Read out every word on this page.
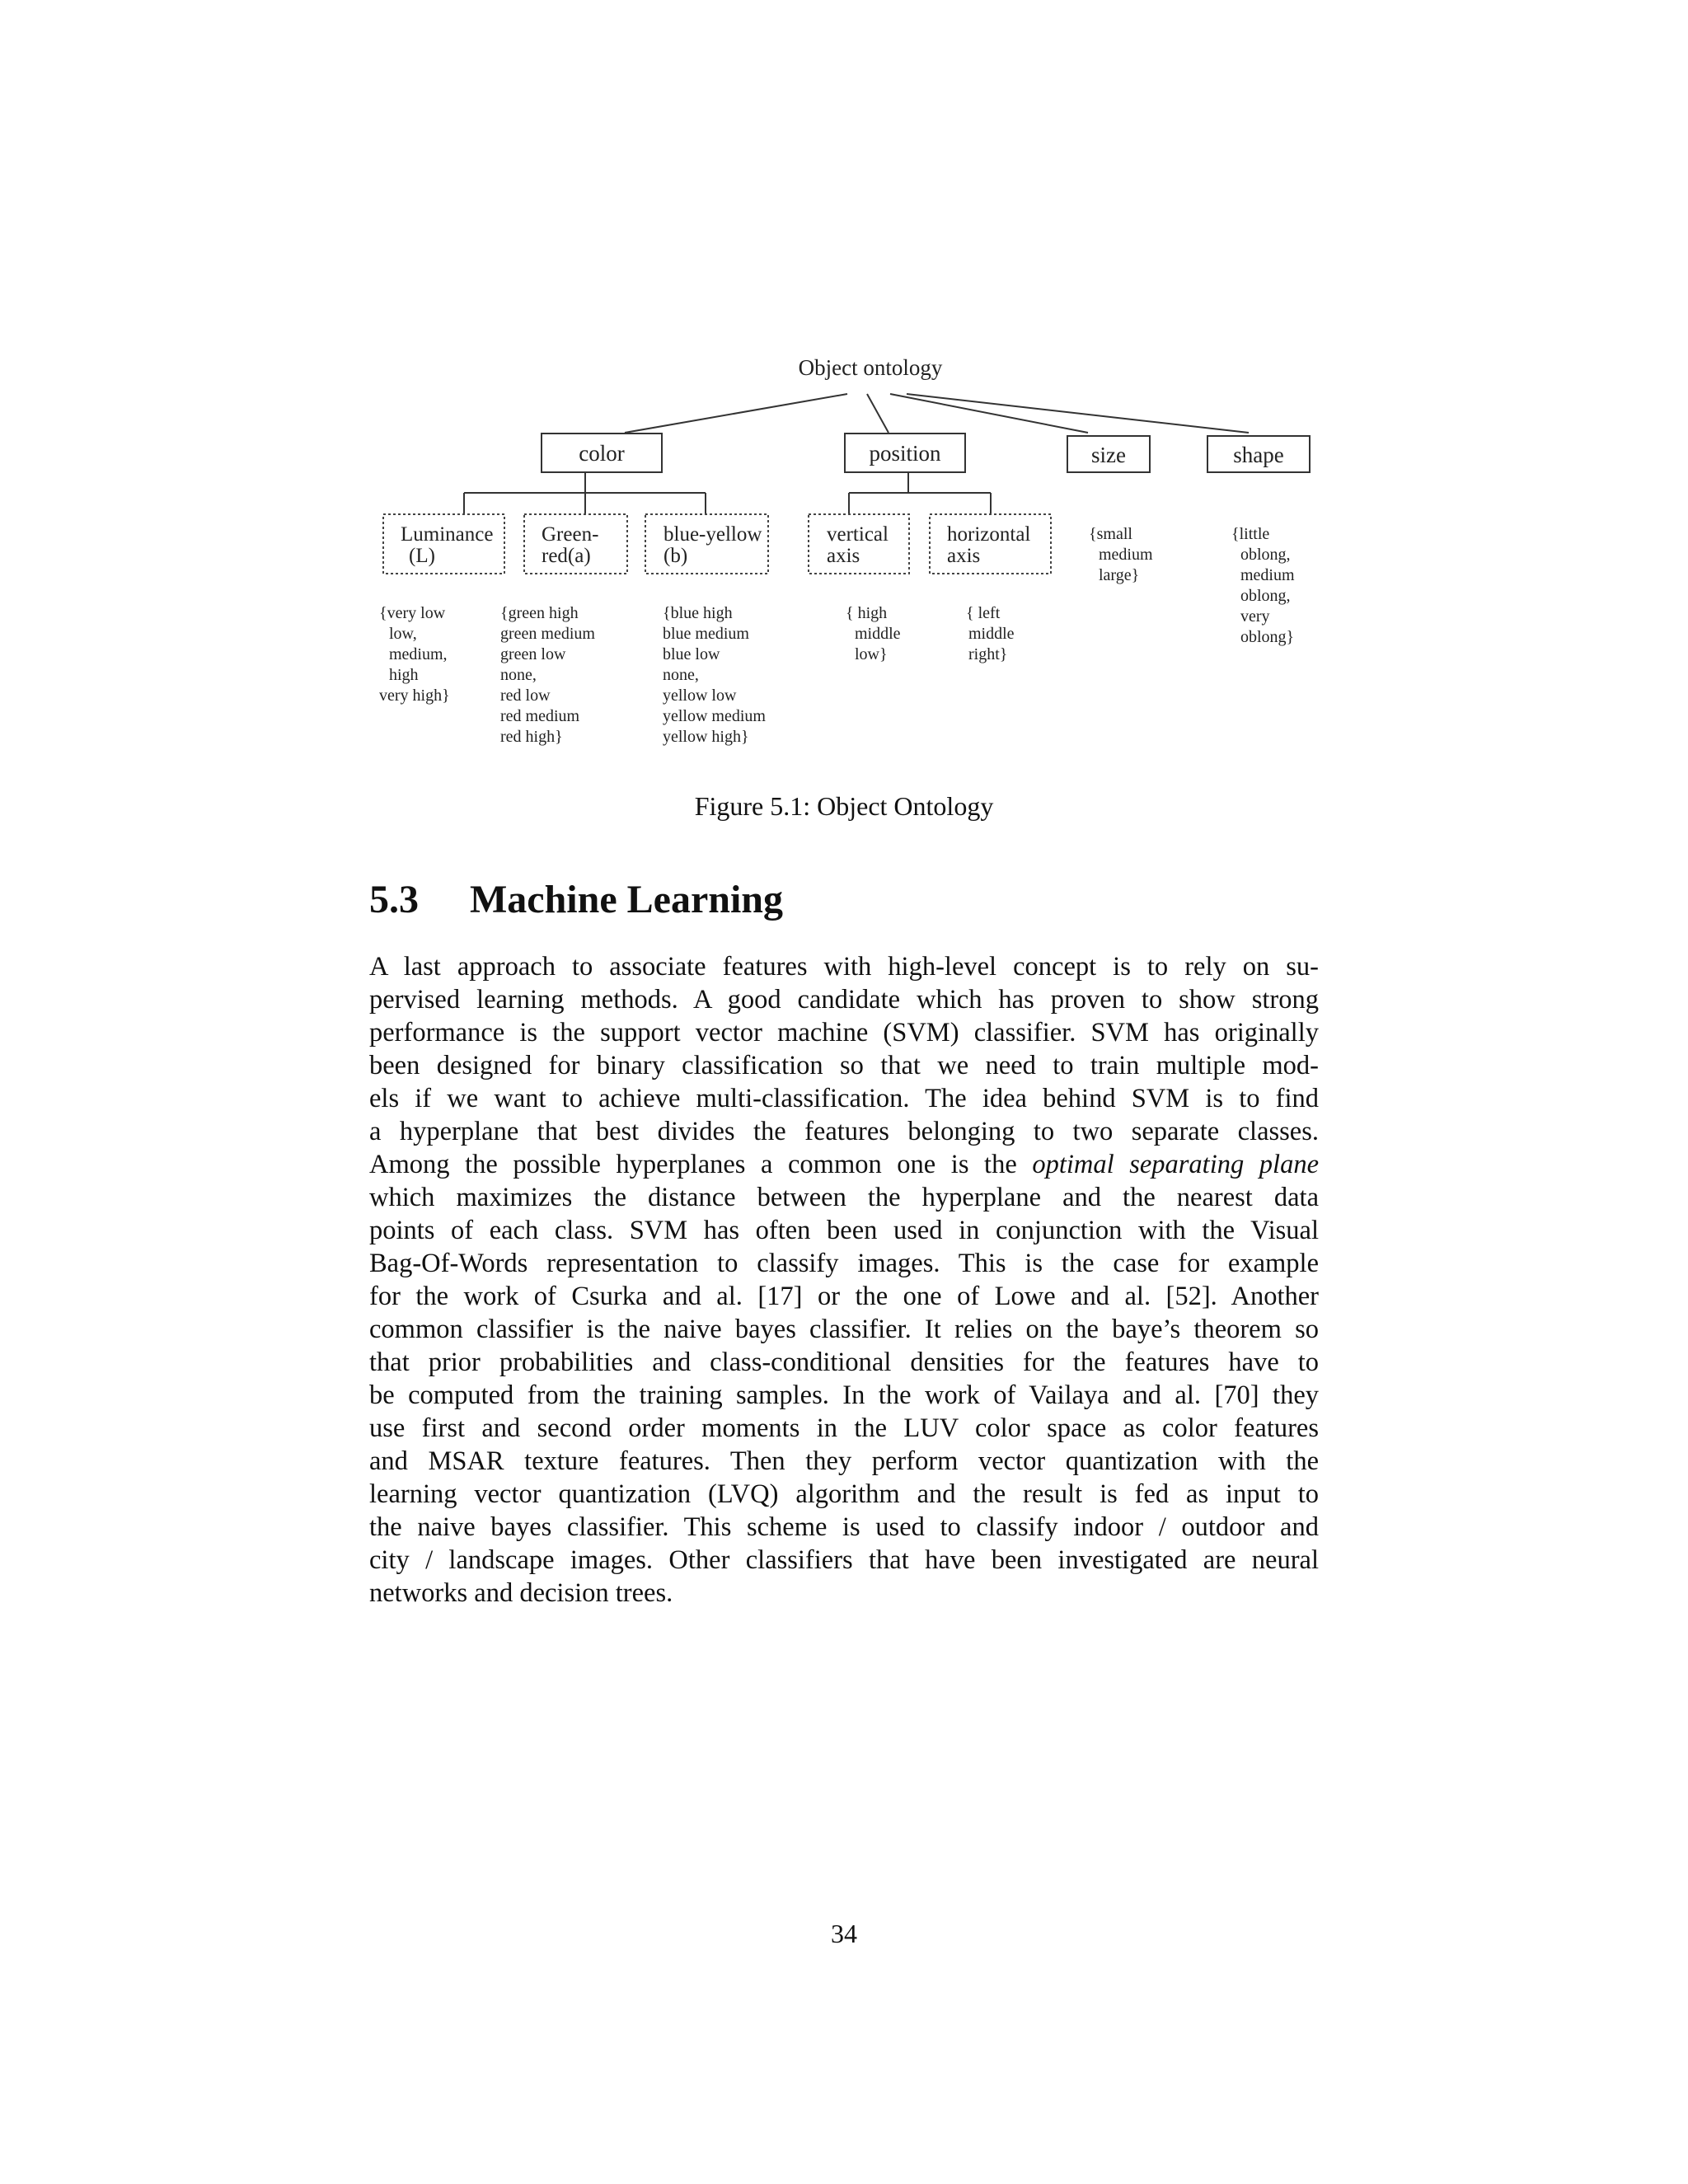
Object ontology
color	position	size	shape
Luminance (L)
Green- red(a)
blue-yellow (b)
vertical axis
horizontal axis
{very low low, medium, high very high}
{green high green medium green low none, red low red medium red high}
{blue high blue medium blue low none, yellow low yellow medium yellow high}
{ high middle low}
{ left middle right}
{small medium large}
{little oblong, medium oblong, very oblong}
Figure 5.1: Object Ontology
5.3 Machine Learning

A last approach to associate features with high-level concept is to rely on su-
pervised learning methods. A good candidate which has proven to show strong
performance is the support vector machine (SVM) classifier. SVM has originally
been designed for binary classification so that we need to train multiple mod-
els if we want to achieve multi-classification. The idea behind SVM is to find
a hyperplane that best divides the features belonging to two separate classes.
Among the possible hyperplanes a common one is the optimal separating plane
which maximizes the distance between the hyperplane and the nearest data
points of each class. SVM has often been used in conjunction with the Visual
Bag-Of-Words representation to classify images. This is the case for example
for the work of Csurka and al. [17] or the one of Lowe and al. [52]. Another
common classifier is the naive bayes classifier. It relies on the baye’s theorem so
that prior probabilities and class-conditional densities for the features have to
be computed from the training samples. In the work of Vailaya and al. [70] they
use first and second order moments in the LUV color space as color features
and MSAR texture features. Then they perform vector quantization with the
learning vector quantization (LVQ) algorithm and the result is fed as input to
the naive bayes classifier. This scheme is used to classify indoor / outdoor and
city / landscape images. Other classifiers that have been investigated are neural
networks and decision trees.

34
